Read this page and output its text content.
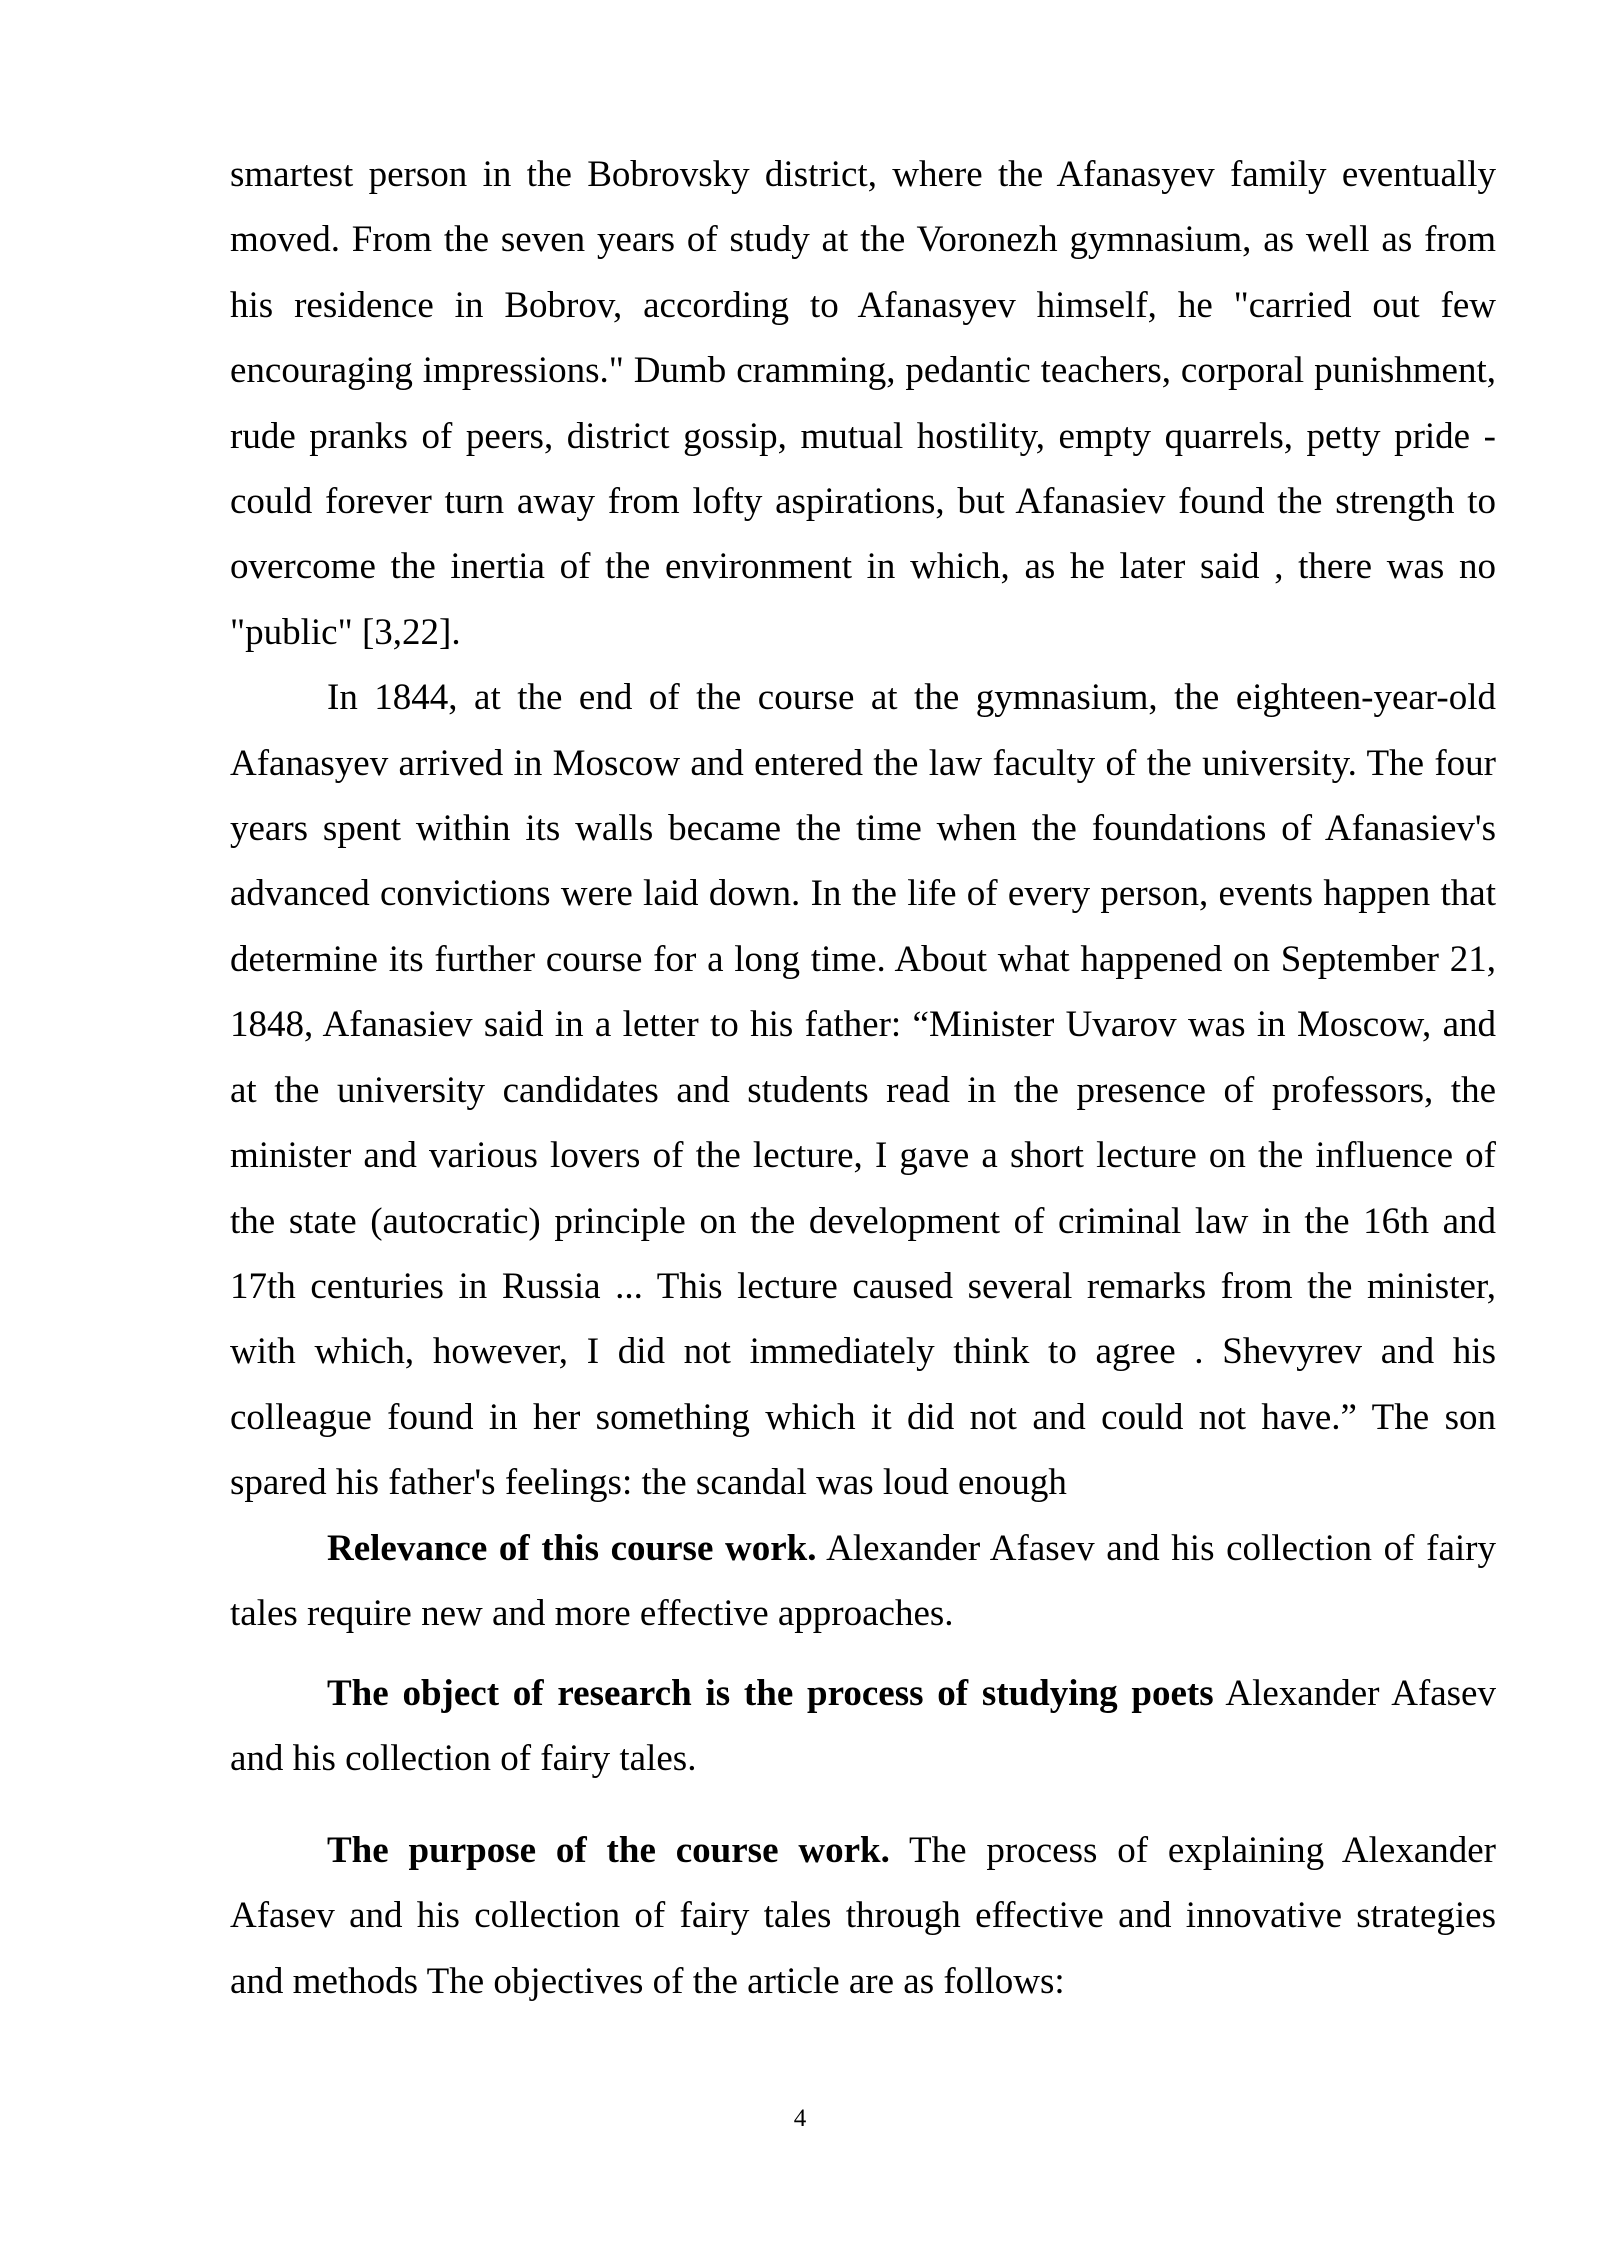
smartest person in the Bobrovsky district, where the Afanasyev family eventually moved. From the seven years of study at the Voronezh gymnasium, as well as from his residence in Bobrov, according to Afanasyev himself, he "carried out few encouraging impressions." Dumb cramming, pedantic teachers, corporal punishment, rude pranks of peers, district gossip, mutual hostility, empty quarrels, petty pride - could forever turn away from lofty aspirations, but Afanasiev found the strength to overcome the inertia of the environment in which, as he later said , there was no "public" [3,22].

In 1844, at the end of the course at the gymnasium, the eighteen-year-old Afanasyev arrived in Moscow and entered the law faculty of the university. The four years spent within its walls became the time when the foundations of Afanasiev's advanced convictions were laid down. In the life of every person, events happen that determine its further course for a long time. About what happened on September 21, 1848, Afanasiev said in a letter to his father: “Minister Uvarov was in Moscow, and at the university candidates and students read in the presence of professors, the minister and various lovers of the lecture, I gave a short lecture on the influence of the state (autocratic) principle on the development of criminal law in the 16th and 17th centuries in Russia ... This lecture caused several remarks from the minister, with which, however, I did not immediately think to agree . Shevyrev and his colleague found in her something which it did not and could not have.” The son spared his father's feelings: the scandal was loud enough

Relevance of this course work. Alexander Afasev and his collection of fairy tales require new and more effective approaches.

The object of research is the process of studying poets Alexander Afasev and his collection of fairy tales.

The purpose of the course work. The process of explaining Alexander Afasev and his collection of fairy tales through effective and innovative strategies and methods The objectives of the article are as follows:

4
